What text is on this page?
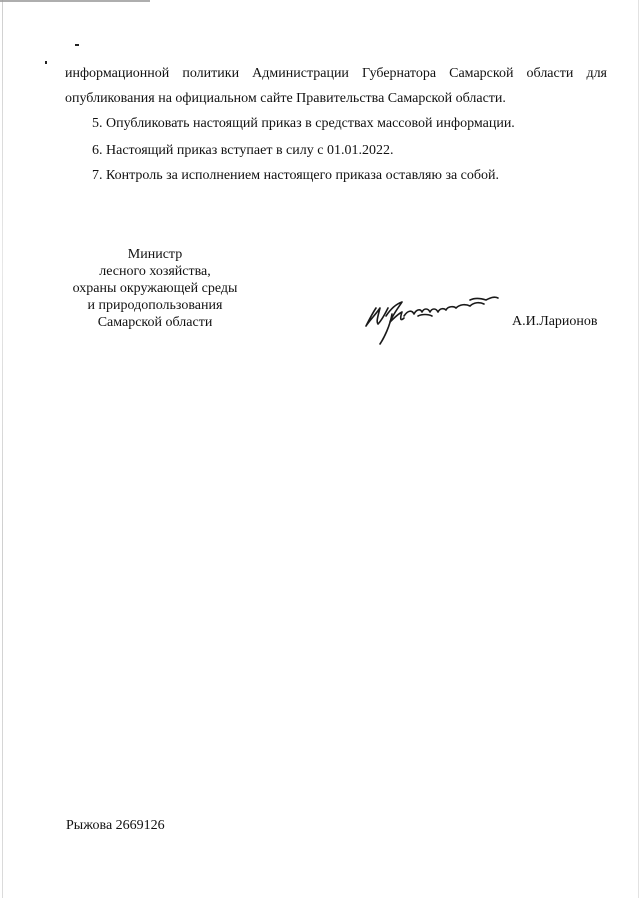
информационной политики Администрации Губернатора Самарской области для
опубликования на официальном сайте Правительства Самарской области.
5. Опубликовать настоящий приказ в средствах массовой информации.
6. Настоящий приказ вступает в силу с 01.01.2022.
7. Контроль за исполнением настоящего приказа оставляю за собой.
Министр
лесного хозяйства,
охраны окружающей среды
и природопользования
Самарской области	А.И.Ларионов
Рыжова 2669126
